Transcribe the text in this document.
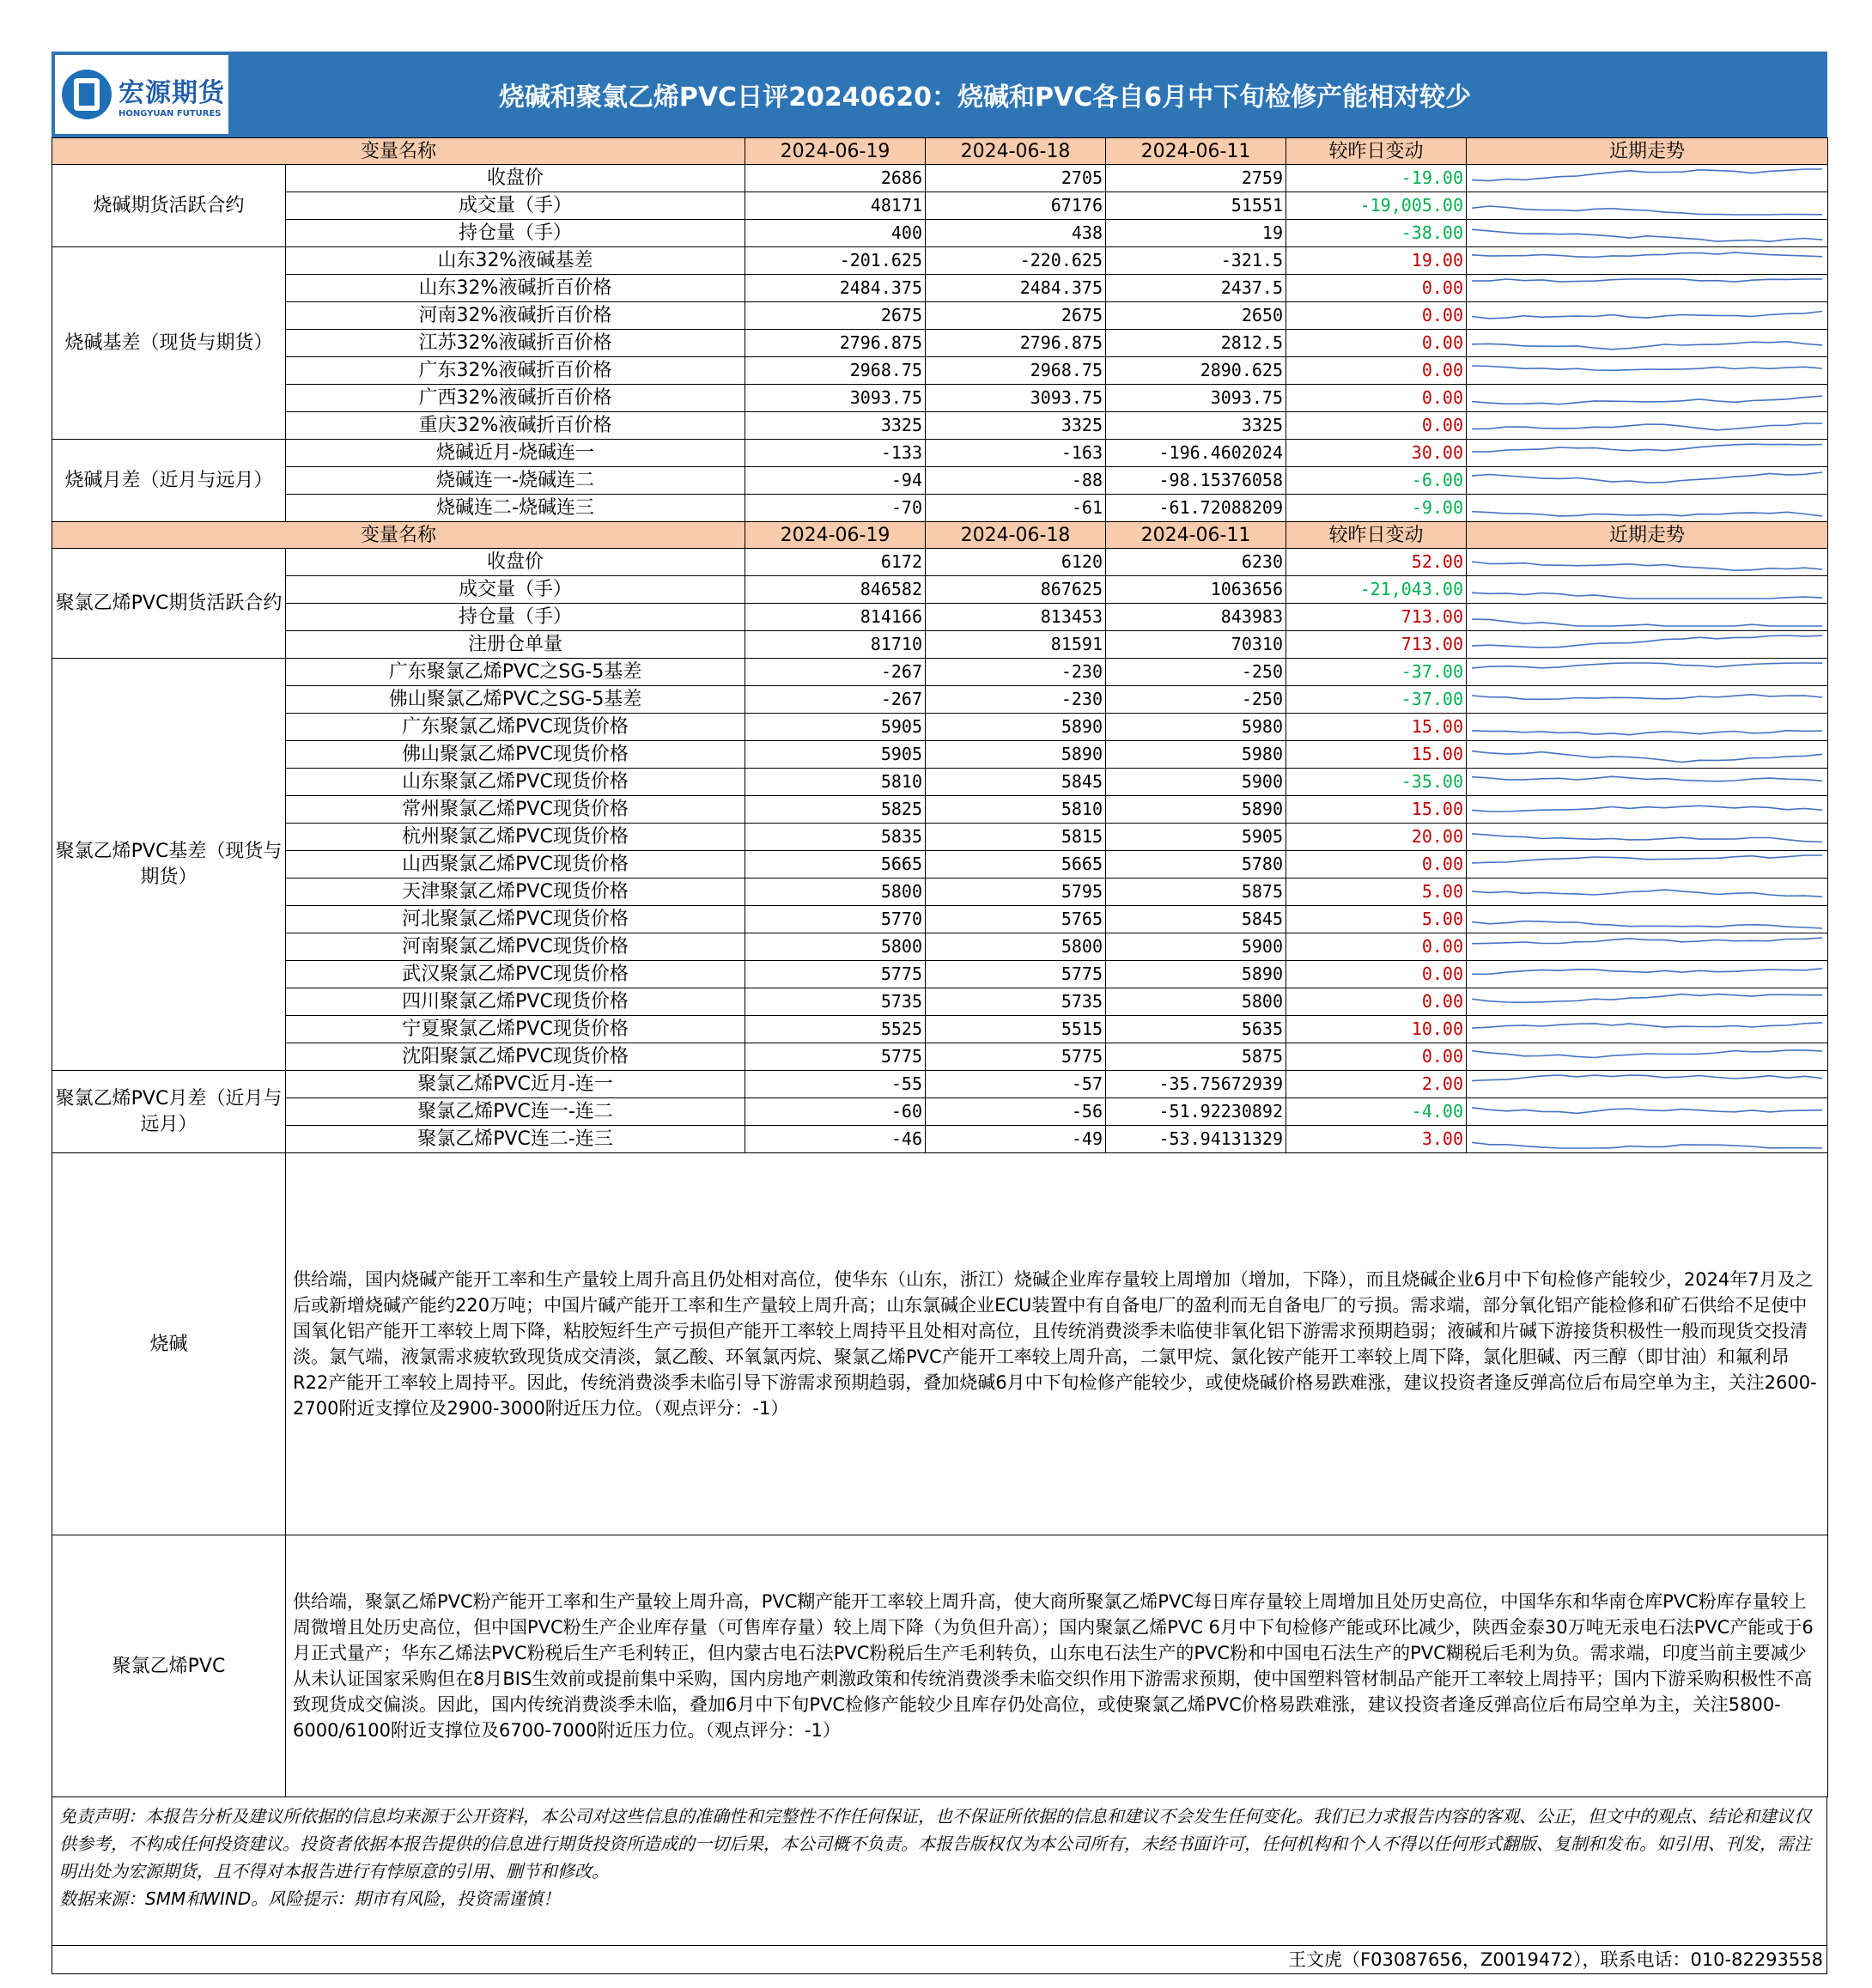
宏源期货
HONGYUAN FUTURES
烧碱和聚氯乙烯PVC日评20240620：烧碱和PVC各自6月中下旬检修产能相对较少
变量名称		2024-06-19	2024-06-18	2024-06-11	较昨日变动	近期走势
烧碱期货活跃合约	收盘价	2686	2705	2759	-19.00	

	成交量（手）	48171	67176	51551	-19,005.00	

	持仓量（手）	400	438	19	-38.00	

烧碱基差（现货与期货）	山东32%液碱基差	-201.625	-220.625	-321.5	19.00	

	山东32%液碱折百价格	2484.375	2484.375	2437.5	0.00	

	河南32%液碱折百价格	2675	2675	2650	0.00	

	江苏32%液碱折百价格	2796.875	2796.875	2812.5	0.00	

	广东32%液碱折百价格	2968.75	2968.75	2890.625	0.00	

	广西32%液碱折百价格	3093.75	3093.75	3093.75	0.00	

	重庆32%液碱折百价格	3325	3325	3325	0.00	

烧碱月差（近月与远月）	烧碱近月-烧碱连一	-133	-163	-196.4602024	30.00	

	烧碱连一-烧碱连二	-94	-88	-98.15376058	-6.00	

	烧碱连二-烧碱连三	-70	-61	-61.72088209	-9.00	

变量名称		2024-06-19	2024-06-18	2024-06-11	较昨日变动	近期走势
聚氯乙烯PVC期货活跃合约	收盘价	6172	6120	6230	52.00	

	成交量（手）	846582	867625	1063656	-21,043.00	

	持仓量（手）	814166	813453	843983	713.00	

	注册仓单量	81710	81591	70310	713.00	

聚氯乙烯PVC基差（现货与期货）	广东聚氯乙烯PVC之SG-5基差	-267	-230	-250	-37.00	

	佛山聚氯乙烯PVC之SG-5基差	-267	-230	-250	-37.00	

	广东聚氯乙烯PVC现货价格	5905	5890	5980	15.00	

	佛山聚氯乙烯PVC现货价格	5905	5890	5980	15.00	

	山东聚氯乙烯PVC现货价格	5810	5845	5900	-35.00	

	常州聚氯乙烯PVC现货价格	5825	5810	5890	15.00	

	杭州聚氯乙烯PVC现货价格	5835	5815	5905	20.00	

	山西聚氯乙烯PVC现货价格	5665	5665	5780	0.00	

	天津聚氯乙烯PVC现货价格	5800	5795	5875	5.00	

	河北聚氯乙烯PVC现货价格	5770	5765	5845	5.00	

	河南聚氯乙烯PVC现货价格	5800	5800	5900	0.00	

	武汉聚氯乙烯PVC现货价格	5775	5775	5890	0.00	

	四川聚氯乙烯PVC现货价格	5735	5735	5800	0.00	

	宁夏聚氯乙烯PVC现货价格	5525	5515	5635	10.00	

	沈阳聚氯乙烯PVC现货价格	5775	5775	5875	0.00	

聚氯乙烯PVC月差（近月与远月）	聚氯乙烯PVC近月-连一	-55	-57	-35.75672939	2.00	

	聚氯乙烯PVC连一-连二	-60	-56	-51.92230892	-4.00	

	聚氯乙烯PVC连二-连三	-46	-49	-53.94131329	3.00	

烧碱	供给端，国内烧碱产能开工率和生产量较上周升高且仍处相对高位，使华东（山东，浙江）烧碱企业库存量较上周增加（增加，下降），而且烧碱企业6月中下旬检修产能较少，2024年7月及之后或新增烧碱产能约220万吨；中国片碱产能开工率和生产量较上周升高；山东氯碱企业ECU装置中有自备电厂的盈利而无自备电厂的亏损。需求端，部分氧化铝产能检修和矿石供给不足使中国氧化铝产能开工率较上周下降，粘胶短纤生产亏损但产能开工率较上周持平且处相对高位，且传统消费淡季未临使非氧化铝下游需求预期趋弱；液碱和片碱下游接货积极性一般而现货交投清淡。氯气端，液氯需求疲软致现货成交清淡，氯乙酸、环氧氯丙烷、聚氯乙烯PVC产能开工率较上周升高，二氯甲烷、氯化铵产能开工率较上周下降，氯化胆碱、丙三醇（即甘油）和氟利昂R22产能开工率较上周持平。因此，传统消费淡季未临引导下游需求预期趋弱，叠加烧碱6月中下旬检修产能较少，或使烧碱价格易跌难涨，建议投资者逢反弹高位后布局空单为主，关注2600-2700附近支撑位及2900-3000附近压力位。（观点评分：-1）					
聚氯乙烯PVC	供给端，聚氯乙烯PVC粉产能开工率和生产量较上周升高，PVC糊产能开工率较上周升高，使大商所聚氯乙烯PVC每日库存量较上周增加且处历史高位，中国华东和华南仓库PVC粉库存量较上周微增且处历史高位，但中国PVC粉生产企业库存量（可售库存量）较上周下降（为负但升高）；国内聚氯乙烯PVC 6月中下旬检修产能或环比减少，陕西金泰30万吨无汞电石法PVC产能或于6月正式量产；华东乙烯法PVC粉税后生产毛利转正，但内蒙古电石法PVC粉税后生产毛利转负，山东电石法生产的PVC粉和中国电石法生产的PVC糊税后毛利为负。需求端，印度当前主要减少从未认证国家采购但在8月BIS生效前或提前集中采购，国内房地产刺激政策和传统消费淡季未临交织作用下游需求预期，使中国塑料管材制品产能开工率较上周持平；国内下游采购积极性不高致现货成交偏淡。因此，国内传统消费淡季未临，叠加6月中下旬PVC检修产能较少且库存仍处高位，或使聚氯乙烯PVC价格易跌难涨，建议投资者逢反弹高位后布局空单为主，关注5800-6000/6100附近支撑位及6700-7000附近压力位。（观点评分：-1）					
免责声明：本报告分析及建议所依据的信息均来源于公开资料，本公司对这些信息的准确性和完整性不作任何保证，也不保证所依据的信息和建议不会发生任何变化。我们已力求报告内容的客观、公正，但文中的观点、结论和建议仅供参考，不构成任何投资建议。投资者依据本报告提供的信息进行期货投资所造成的一切后果，本公司概不负责。本报告版权仅为本公司所有，未经书面许可，任何机构和个人不得以任何形式翻版、复制和发布。如引用、刊发，需注明出处为宏源期货，且不得对本报告进行有悖原意的引用、删节和修改。
数据来源：SMM和WIND。风险提示：期市有风险，投资需谨慎！
王文虎（F03087656，Z0019472），联系电话：010-82293558
